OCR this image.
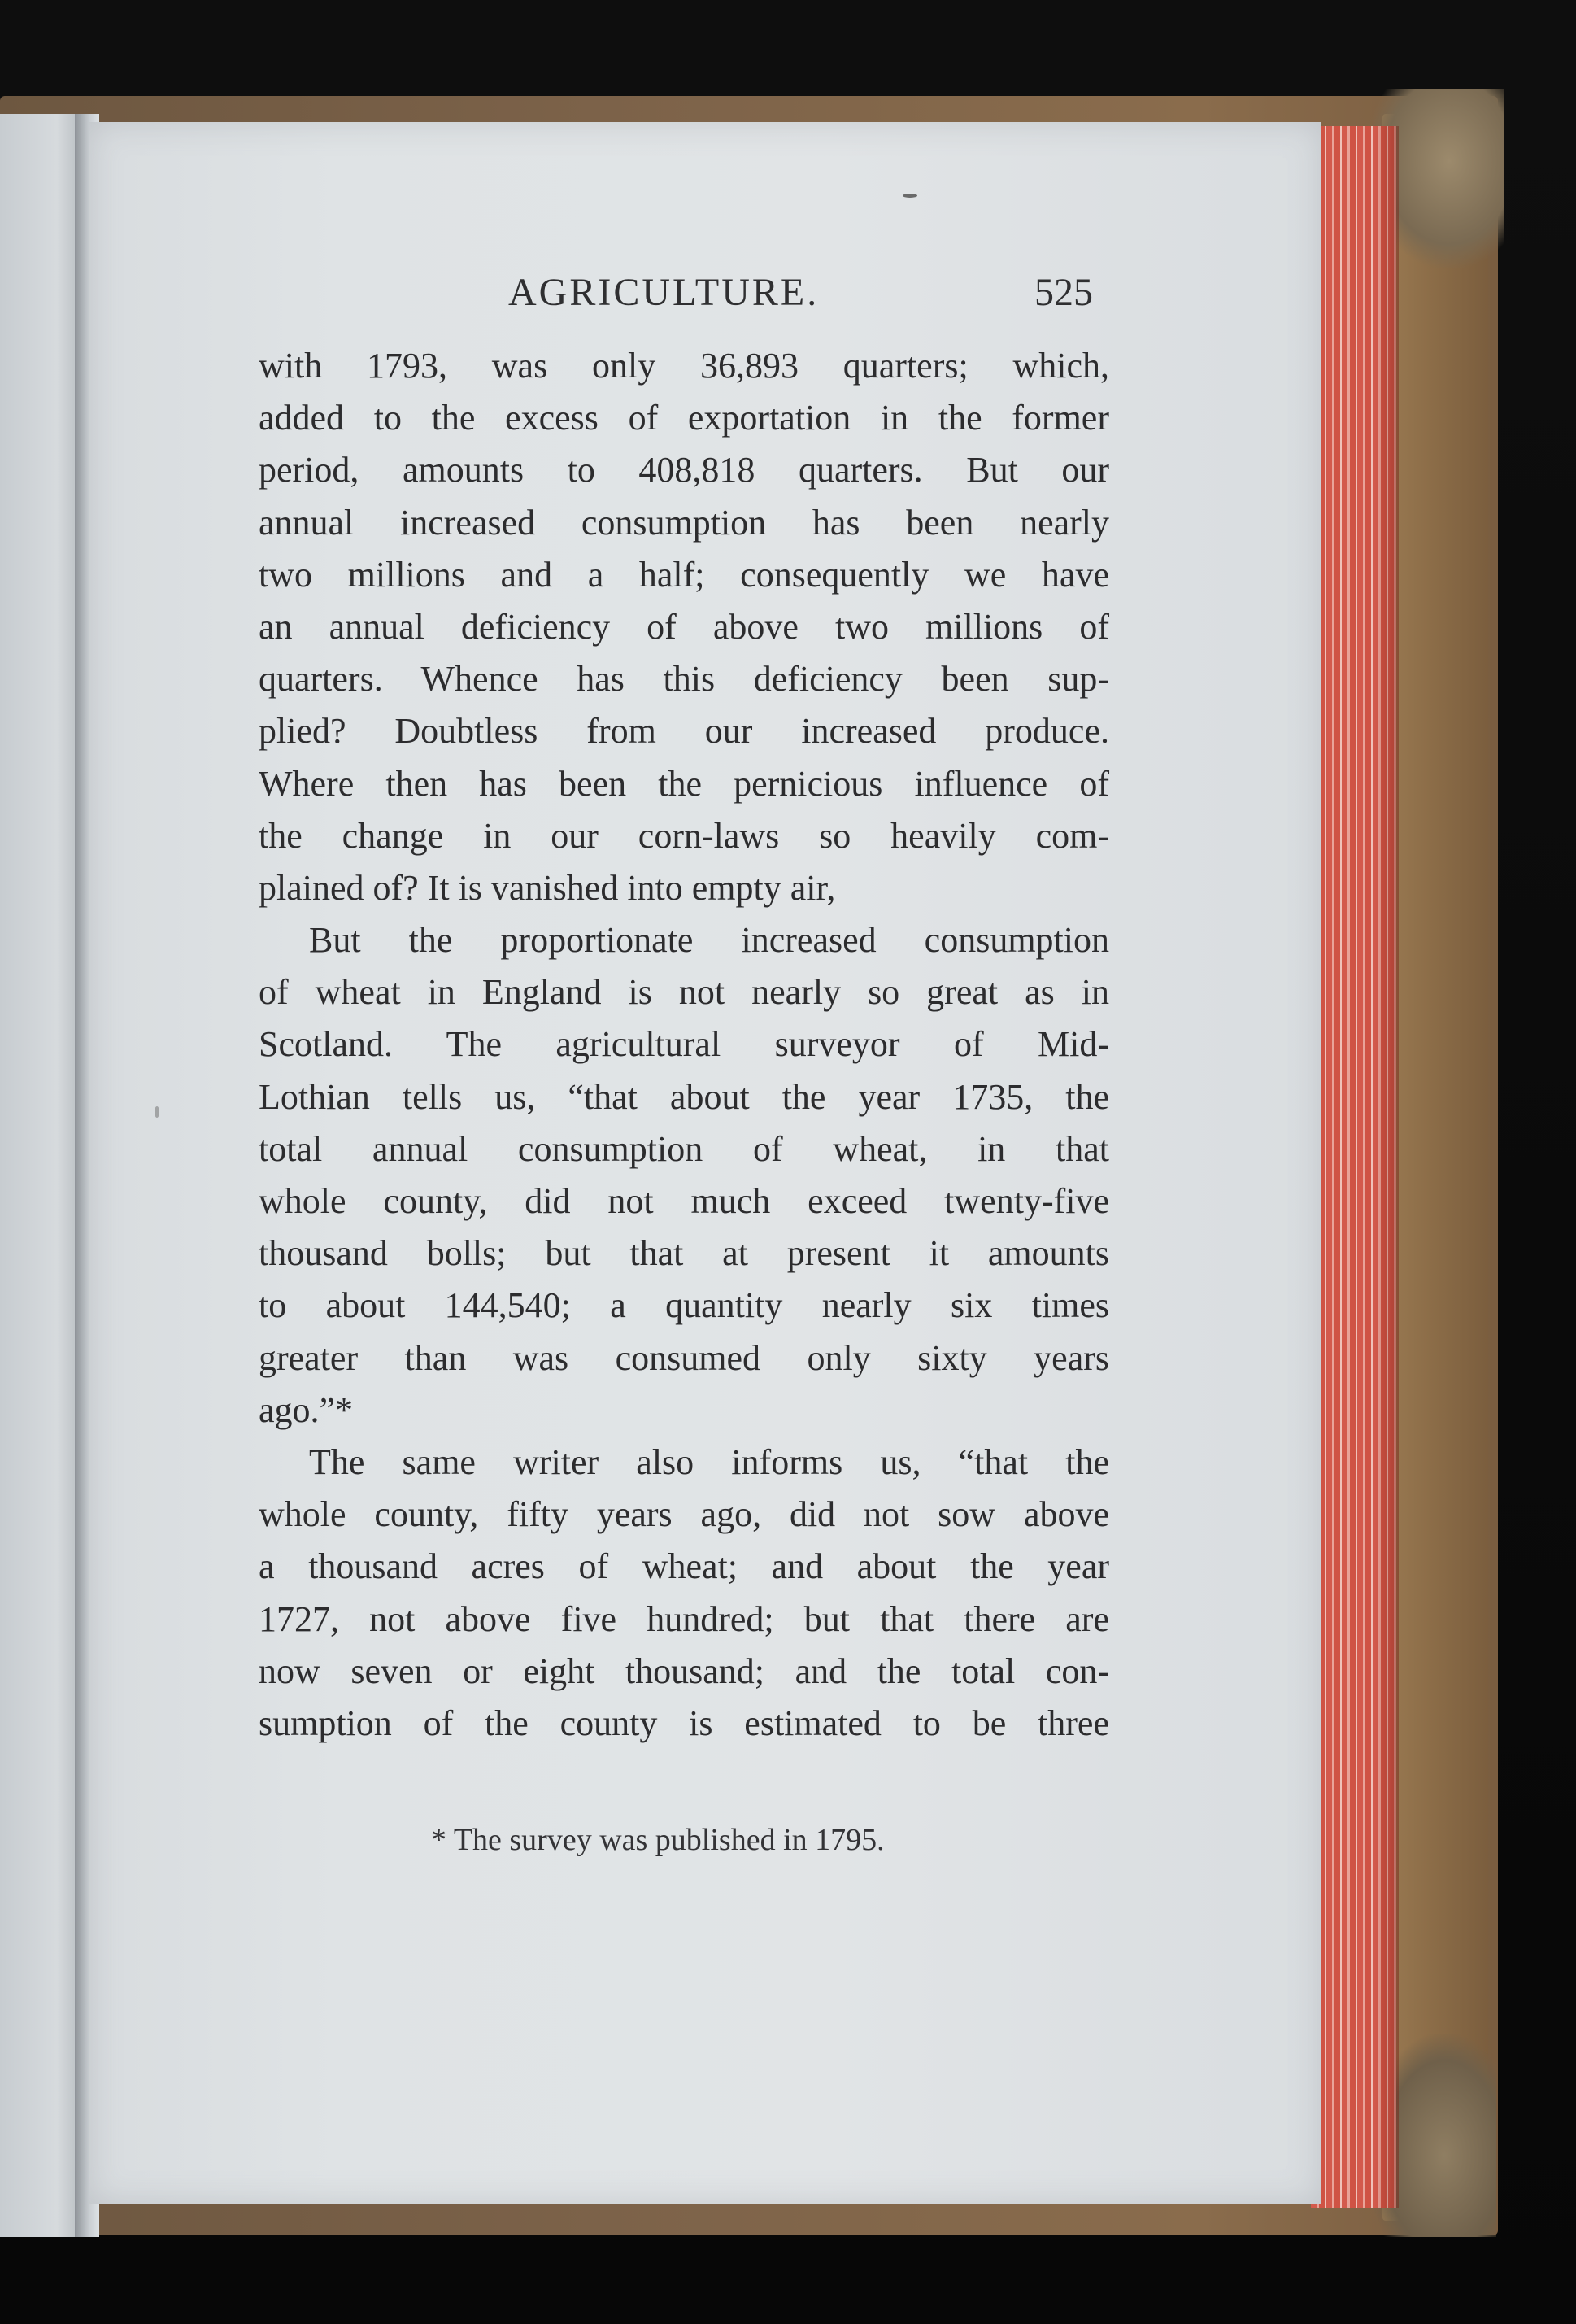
AGRICULTURE.	525
with 1793, was only 36,893 quarters; which,
added to the excess of exportation in the former
period, amounts to 408,818 quarters. But our
annual increased consumption has been nearly
two millions and a half; consequently we have
an annual deficiency of above two millions of
quarters. Whence has this deficiency been sup-
plied? Doubtless from our increased produce.
Where then has been the pernicious influence of
the change in our corn-laws so heavily com-
plained of? It is vanished into empty air,
But the proportionate increased consumption
of wheat in England is not nearly so great as in
Scotland. The agricultural surveyor of Mid-
Lothian tells us, “that about the year 1735, the
total annual consumption of wheat, in that
whole county, did not much exceed twenty-five
thousand bolls; but that at present it amounts
to about 144,540; a quantity nearly six times
greater than was consumed only sixty years
ago.”*
The same writer also informs us, “that the
whole county, fifty years ago, did not sow above
a thousand acres of wheat; and about the year
1727, not above five hundred; but that there are
now seven or eight thousand; and the total con-
sumption of the county is estimated to be three
* The survey was published in 1795.
